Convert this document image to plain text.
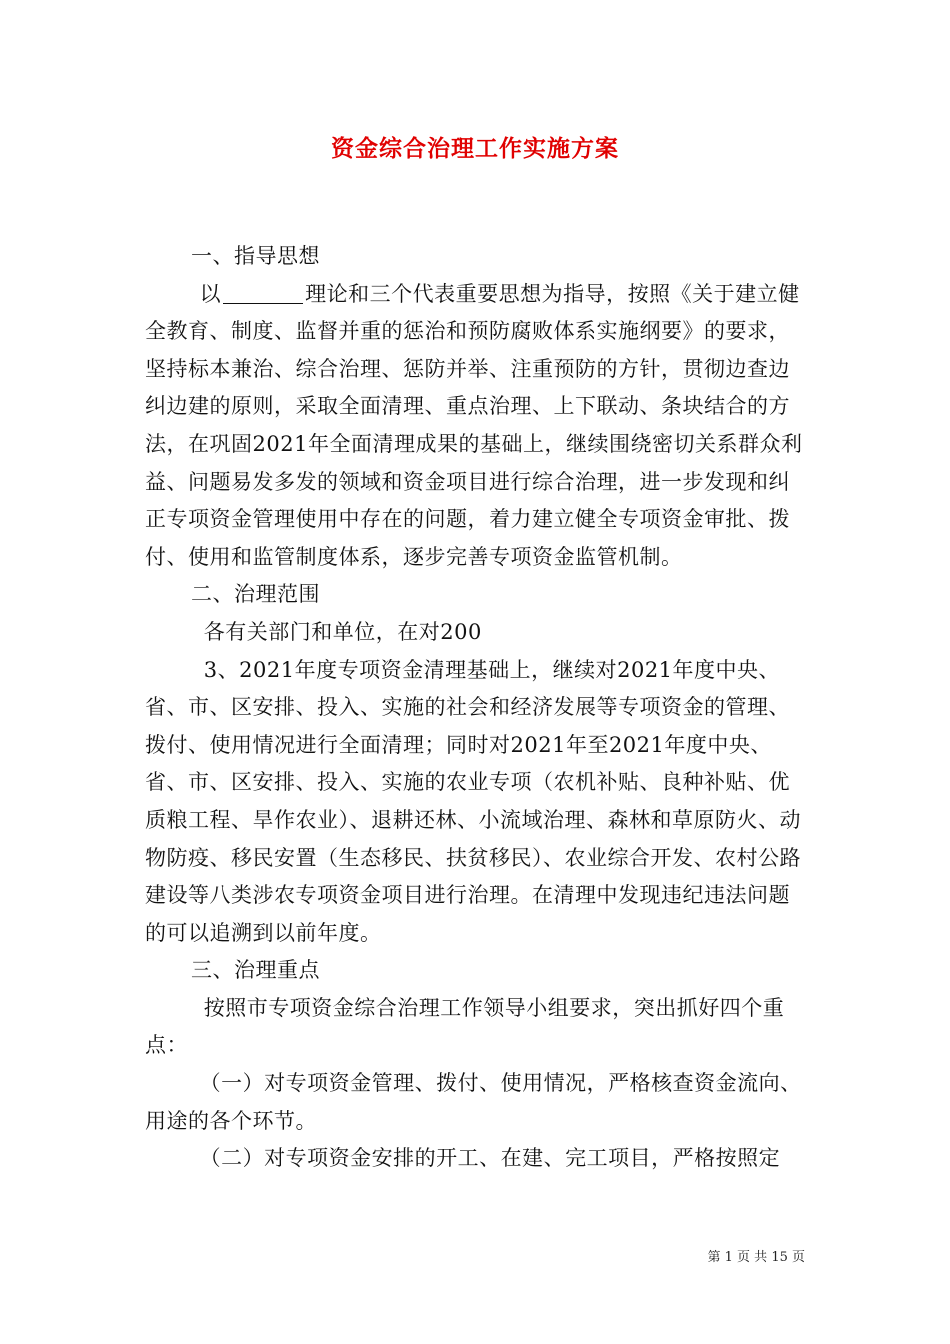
资金综合治理工作实施方案

一、指导思想

以	理论和三个代表重要思想为指导，按照《关于建立健全教育、制度、监督并重的惩治和预防腐败体系实施纲要》的要求，坚持标本兼治、综合治理、惩防并举、注重预防的方针，贯彻边查边纠边建的原则，采取全面清理、重点治理、上下联动、条块结合的方法，在巩固2021年全面清理成果的基础上，继续围绕密切关系群众利益、问题易发多发的领域和资金项目进行综合治理，进一步发现和纠正专项资金管理使用中存在的问题，着力建立健全专项资金审批、拨付、使用和监管制度体系，逐步完善专项资金监管机制。

二、治理范围

各有关部门和单位，在对200

3、2021年度专项资金清理基础上，继续对2021年度中央、省、市、区安排、投入、实施的社会和经济发展等专项资金的管理、拨付、使用情况进行全面清理；同时对2021年至2021年度中央、省、市、区安排、投入、实施的农业专项（农机补贴、良种补贴、优质粮工程、旱作农业）、退耕还林、小流域治理、森林和草原防火、动物防疫、移民安置（生态移民、扶贫移民）、农业综合开发、农村公路建设等八类涉农专项资金项目进行治理。在清理中发现违纪违法问题的可以追溯到以前年度。

三、治理重点

按照市专项资金综合治理工作领导小组要求，突出抓好四个重点：

（一）对专项资金管理、拨付、使用情况，严格核查资金流向、用途的各个环节。

（二）对专项资金安排的开工、在建、完工项目，严格按照定

第 1 页 共 15 页
